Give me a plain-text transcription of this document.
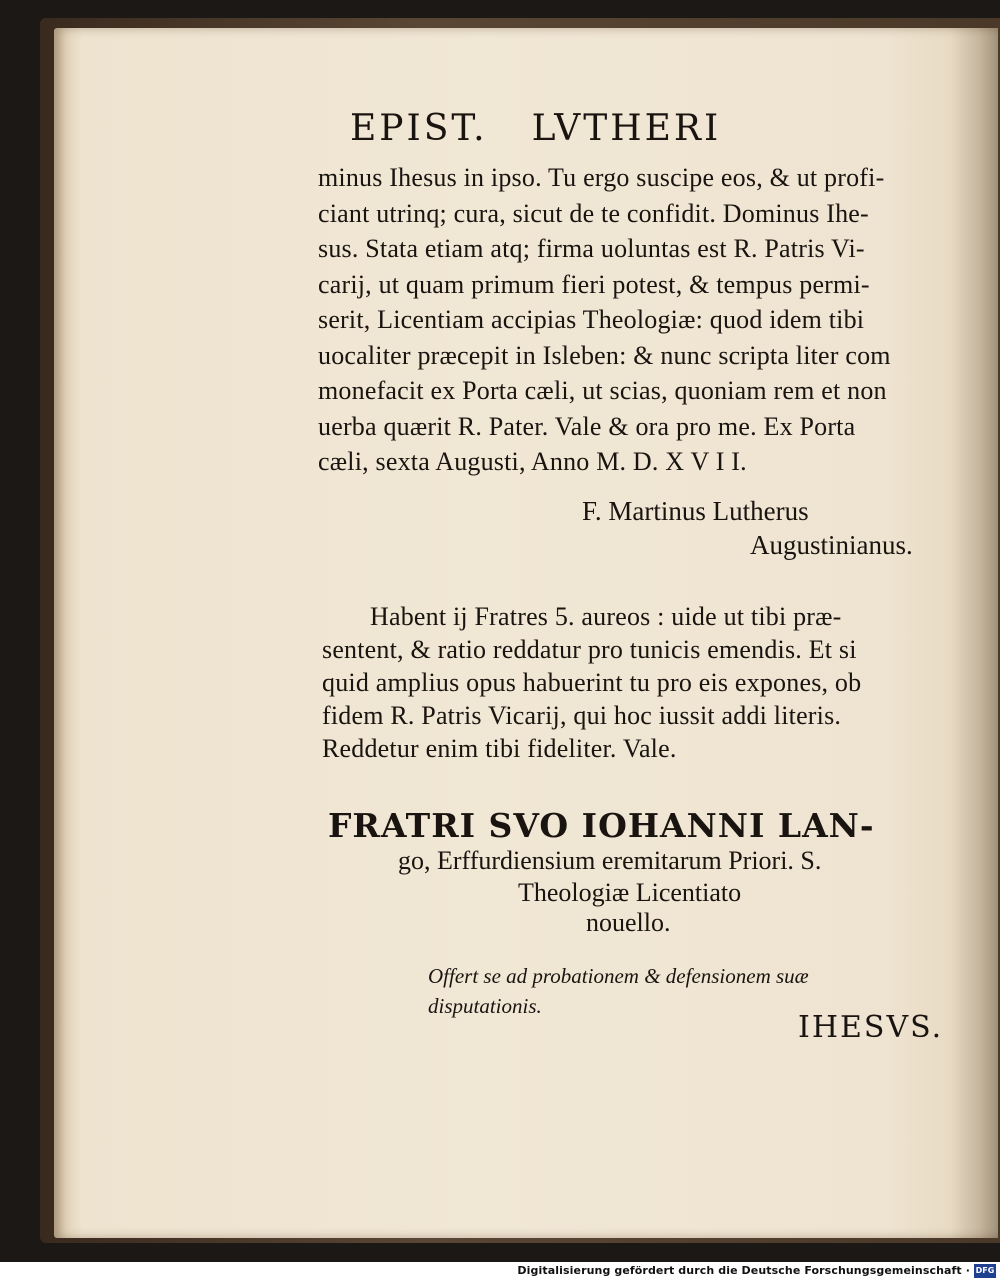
EPIST. LVTHERI
minus Ihesus in ipso. Tu ergo suscipe eos, & ut profi-
ciant utrinq; cura, sicut de te confidit. Dominus Ihe-
sus. Stata etiam atq; firma uoluntas est R. Patris Vi-
carij, ut quam primum fieri potest, & tempus permi-
serit, Licentiam accipias Theologiæ: quod idem tibi
uocaliter præcepit in Isleben: & nunc scripta liter com
monefacit ex Porta cæli, ut scias, quoniam rem et non
uerba quærit R. Pater. Vale & ora pro me. Ex Porta
cæli, sexta Augusti, Anno M. D. X V I I.
F. Martinus Lutherus
Augustinianus.
Habent ij Fratres 5. aureos : uide ut tibi præ-
sentent, & ratio reddatur pro tunicis emendis. Et si
quid amplius opus habuerint tu pro eis expones, ob
fidem R. Patris Vicarij, qui hoc iussit addi literis.
Reddetur enim tibi fideliter. Vale.
FRATRI SVO IOHANNI LAN-
go, Erffurdiensium eremitarum Priori. S.
Theologiæ Licentiato
nouello.
Offert se ad probationem & defensionem suæ
disputationis.
IHESVS.
Digitalisierung gefördert durch die Deutsche Forschungsgemeinschaft · DFG
